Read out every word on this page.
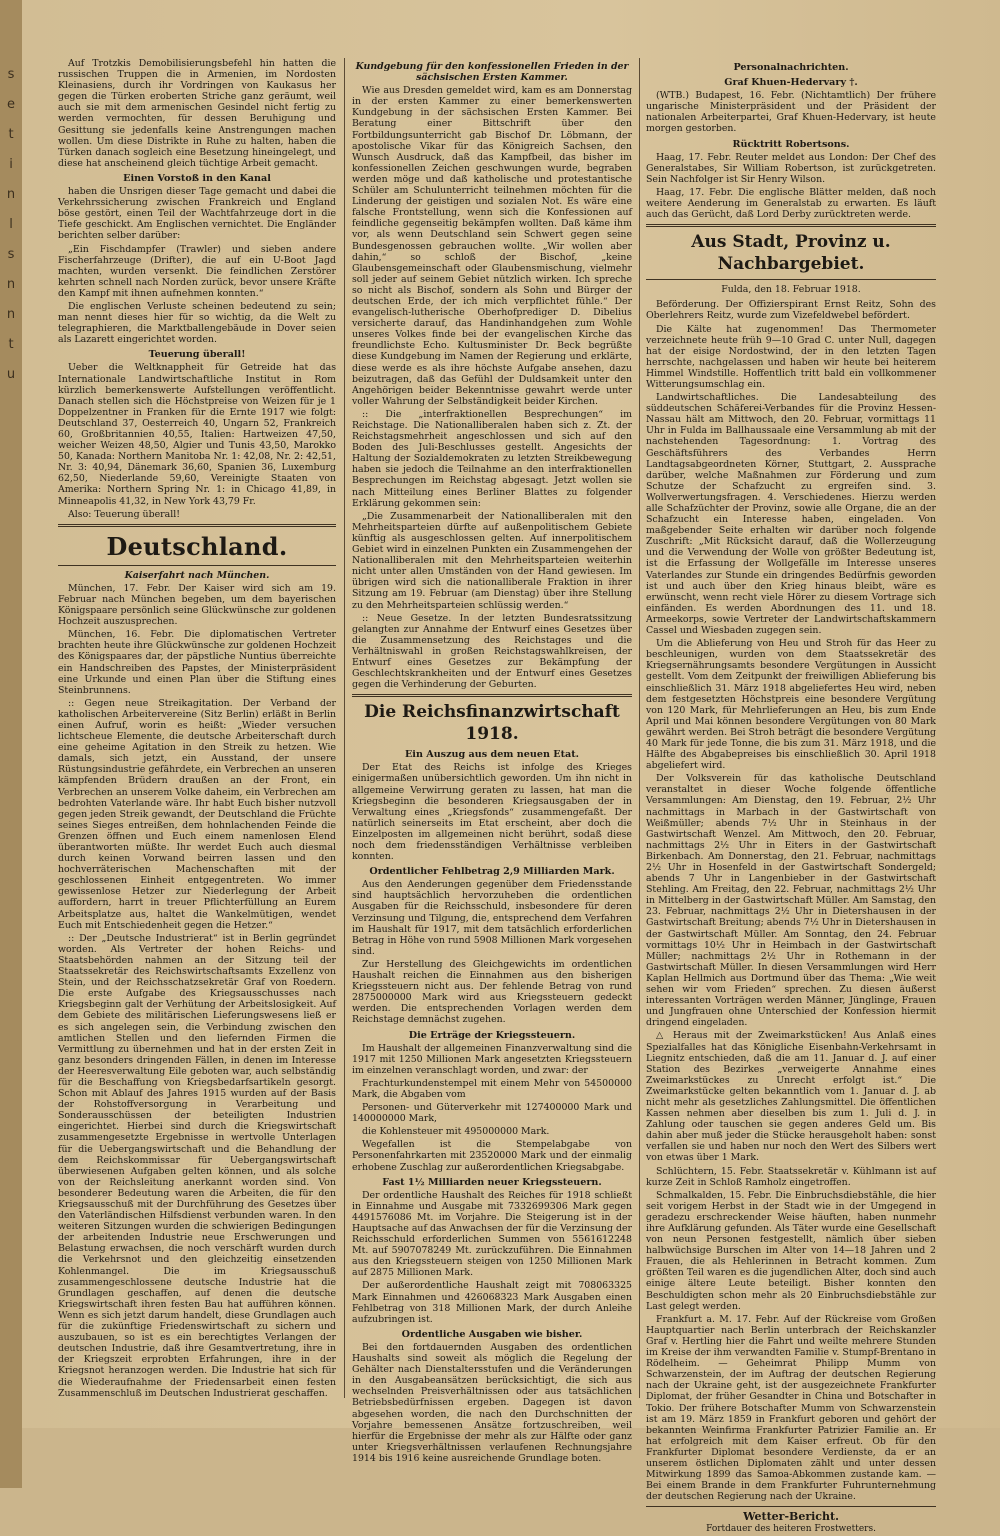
s
e
t
i
n
l
s
n
n
t
u

Auf Trotzkis Demobilisierungsbefehl hin hatten die russischen Truppen die in Armenien, im Nordosten Kleinasiens, durch ihr Vordringen von Kaukasus her gegen die Türken eroberten Striche ganz geräumt, weil auch sie mit dem armenischen Gesindel nicht fertig zu werden vermochten, für dessen Beruhigung und Gesittung sie jedenfalls keine Anstrengungen machen wollen. Um diese Distrikte in Ruhe zu halten, haben die Türken danach sogleich eine Besetzung hineingelegt, und diese hat anscheinend gleich tüchtige Arbeit gemacht.

Einen Vorstoß in den Kanal

haben die Unsrigen dieser Tage gemacht und dabei die Verkehrssicherung zwischen Frankreich und England böse gestört, einen Teil der Wachtfahrzeuge dort in die Tiefe geschickt. Am Englischen vernichtet. Die Engländer berichten selber darüber:

„Ein Fischdampfer (Trawler) und sieben andere Fischerfahrzeuge (Drifter), die auf ein U-Boot Jagd machten, wurden versenkt. Die feindlichen Zerstörer kehrten schnell nach Norden zurück, bevor unsere Kräfte den Kampf mit ihnen aufnehmen konnten.“

Die englischen Verluste scheinen bedeutend zu sein; man nennt dieses hier für so wichtig, da die Welt zu telegraphieren, die Marktballengebäude in Dover seien als Lazarett eingerichtet worden.

Teuerung überall!

Ueber die Weltknappheit für Getreide hat das Internationale Landwirtschaftliche Institut in Rom kürzlich bemerkenswerte Aufstellungen veröffentlicht. Danach stellen sich die Höchstpreise von Weizen für je 1 Doppelzentner in Franken für die Ernte 1917 wie folgt: Deutschland 37, Oesterreich 40, Ungarn 52, Frankreich 60, Großbritannien 40,55, Italien: Hartweizen 47,50, weicher Weizen 48,50, Algier und Tunis 43,50, Marokko 50, Kanada: Northern Manitoba Nr. 1: 42,08, Nr. 2: 42,51, Nr. 3: 40,94, Dänemark 36,60, Spanien 36, Luxemburg 62,50, Niederlande 59,60, Vereinigte Staaten von Amerika: Northern Spring Nr. 1: in Chicago 41,89, in Minneapolis 41,32, in New York 43,79 Fr.

Also: Teuerung überall!

Deutschland.
Kaiserfahrt nach München.

München, 17. Febr. Der Kaiser wird sich am 19. Februar nach München begeben, um dem bayerischen Königspaare persönlich seine Glückwünsche zur goldenen Hochzeit auszusprechen.

München, 16. Febr. Die diplomatischen Vertreter brachten heute ihre Glückwünsche zur goldenen Hochzeit des Königspaares dar, der päpstliche Nuntius überreichte ein Handschreiben des Papstes, der Ministerpräsident eine Urkunde und einen Plan über die Stiftung eines Steinbrunnens.

:: Gegen neue Streikagitation. Der Verband der katholischen Arbeitervereine (Sitz Berlin) erläßt in Berlin einen Aufruf, worin es heißt: „Wieder versuchen lichtscheue Elemente, die deutsche Arbeiterschaft durch eine geheime Agitation in den Streik zu hetzen. Wie damals, sich jetzt, ein Ausstand, der unsere Rüstungsindustrie gefährdete, ein Verbrechen an unseren kämpfenden Brüdern draußen an der Front, ein Verbrechen an unserem Volke daheim, ein Verbrechen am bedrohten Vaterlande wäre. Ihr habt Euch bisher nutzvoll gegen jeden Streik gewandt, der Deutschland die Früchte seines Sieges entreißen, dem hohnlachenden Feinde die Grenzen öffnen und Euch einem namenlosen Elend überantworten müßte. Ihr werdet Euch auch diesmal durch keinen Vorwand beirren lassen und den hochverräterischen Machenschaften mit der geschlossenen Einheit entgegentreten. Wo immer gewissenlose Hetzer zur Niederlegung der Arbeit auffordern, harrt in treuer Pflichterfüllung an Eurem Arbeitsplatze aus, haltet die Wankelmütigen, wendet Euch mit Entschiedenheit gegen die Hetzer.“

:: Der „Deutsche Industrierat“ ist in Berlin gegründet worden. Als Vertreter der hohen Reichs- und Staatsbehörden nahmen an der Sitzung teil der Staatssekretär des Reichswirtschaftsamts Exzellenz von Stein, und der Reichsschatzsekretär Graf von Roedern. Die erste Aufgabe des Kriegsausschusses nach Kriegsbeginn galt der Verhütung der Arbeitslosigkeit. Auf dem Gebiete des militärischen Lieferungswesens ließ er es sich angelegen sein, die Verbindung zwischen den amtlichen Stellen und den liefernden Firmen die Vermittlung zu übernehmen und hat in der ersten Zeit in ganz besonders dringenden Fällen, in denen im Interesse der Heeresverwaltung Eile geboten war, auch selbständig für die Beschaffung von Kriegsbedarfsartikeln gesorgt. Schon mit Ablauf des Jahres 1915 wurden auf der Basis der Rohstoffversorgung in Verarbeitung und Sonderausschüssen der beteiligten Industrien eingerichtet. Hierbei sind durch die Kriegswirtschaft zusammengesetzte Ergebnisse in wertvolle Unterlagen für die Uebergangswirtschaft und die Behandlung der dem Reichskommissar für Uebergangswirtschaft überwiesenen Aufgaben gelten können, und als solche von der Reichsleitung anerkannt worden sind. Von besonderer Bedeutung waren die Arbeiten, die für den Kriegsausschuß mit der Durchführung des Gesetzes über den Vaterländischen Hilfsdienst verbunden waren. In den weiteren Sitzungen wurden die schwierigen Bedingungen der arbeitenden Industrie neue Erschwerungen und Belastung erwachsen, die noch verschärft wurden durch die Verkehrsnot und den gleichzeitig einsetzenden Kohlenmangel. Die im Kriegsausschuß zusammengeschlossene deutsche Industrie hat die Grundlagen geschaffen, auf denen die deutsche Kriegswirtschaft ihren festen Bau hat aufführen können. Wenn es sich jetzt darum handelt, diese Grundlagen auch für die zukünftige Friedenswirtschaft zu sichern und auszubauen, so ist es ein berechtigtes Verlangen der deutschen Industrie, daß ihre Gesamtvertretung, ihre in der Kriegszeit erprobten Erfahrungen, ihre in der Kriegsnot heranzogen werden. Die Industrie hat sich für die Wiederaufnahme der Friedensarbeit einen festen Zusammenschluß im Deutschen Industrierat geschaffen.

Kundgebung für den konfessionellen Frieden in der sächsischen Ersten Kammer.

Wie aus Dresden gemeldet wird, kam es am Donnerstag in der ersten Kammer zu einer bemerkenswerten Kundgebung in der sächsischen Ersten Kammer. Bei Beratung einer Bittschrift über den Fortbildungsunterricht gab Bischof Dr. Löbmann, der apostolische Vikar für das Königreich Sachsen, den Wunsch Ausdruck, daß das Kampfbeil, das bisher im konfessionellen Zeichen geschwungen wurde, begraben werden möge und daß katholische und protestantische Schüler am Schulunterricht teilnehmen möchten für die Linderung der geistigen und sozialen Not. Es wäre eine falsche Frontstellung, wenn sich die Konfessionen auf feindliche gegenseitig bekämpfen wollten. Daß käme ihm vor, als wenn Deutschland sein Schwert gegen seine Bundesgenossen gebrauchen wollte. „Wir wollen aber dahin,“ so schloß der Bischof, „keine Glaubensgemeinschaft oder Glaubensmischung, vielmehr soll jeder auf seinem Gebiet nützlich wirken. Ich spreche so nicht als Bischof, sondern als Sohn und Bürger der deutschen Erde, der ich mich verpflichtet fühle.“ Der evangelisch-lutherische Oberhofprediger D. Dibelius versicherte darauf, das Handinhandgehen zum Wohle unseres Volkes finde bei der evangelischen Kirche das freundlichste Echo. Kultusminister Dr. Beck begrüßte diese Kundgebung im Namen der Regierung und erklärte, diese werde es als ihre höchste Aufgabe ansehen, dazu beizutragen, daß das Gefühl der Duldsamkeit unter den Angehörigen beider Bekenntnisse gewahrt werde unter voller Wahrung der Selbständigkeit beider Kirchen.

:: Die „interfraktionellen Besprechungen“ im Reichstage. Die Nationalliberalen haben sich z. Zt. der Reichstagsmehrheit angeschlossen und sich auf den Boden des Juli-Beschlusses gestellt. Angesichts der Haltung der Sozialdemokraten zu letzten Streikbewegung haben sie jedoch die Teilnahme an den interfraktionellen Besprechungen im Reichstag abgesagt. Jetzt wollen sie nach Mitteilung eines Berliner Blattes zu folgender Erklärung gekommen sein:

„Die Zusammenarbeit der Nationalliberalen mit den Mehrheitsparteien dürfte auf außenpolitischem Gebiete künftig als ausgeschlossen gelten. Auf innerpolitischem Gebiet wird in einzelnen Punkten ein Zusammengehen der Nationalliberalen mit den Mehrheitsparteien weiterhin nicht unter allen Umständen von der Hand gewiesen. Im übrigen wird sich die nationalliberale Fraktion in ihrer Sitzung am 19. Februar (am Dienstag) über ihre Stellung zu den Mehrheitsparteien schlüssig werden.“

:: Neue Gesetze. In der letzten Bundesratssitzung gelangten zur Annahme der Entwurf eines Gesetzes über die Zusammensetzung des Reichstages und die Verhältniswahl in großen Reichstagswahlkreisen, der Entwurf eines Gesetzes zur Bekämpfung der Geschlechtskrankheiten und der Entwurf eines Gesetzes gegen die Verhinderung der Geburten.

Die Reichsfinanzwirtschaft 1918.
Ein Auszug aus dem neuen Etat.

Der Etat des Reichs ist infolge des Krieges einigermaßen unübersichtlich geworden. Um ihn nicht in allgemeine Verwirrung geraten zu lassen, hat man die Kriegsbeginn die besonderen Kriegsausgaben der in Verwaltung eines „Kriegsfonds“ zusammengefaßt. Der natürlich seinerseits im Etat erscheint, aber doch die Einzelposten im allgemeinen nicht berührt, sodaß diese noch dem friedensständigen Verhältnisse verbleiben konnten.

Ordentlicher Fehlbetrag 2,9 Milliarden Mark.

Aus den Aenderungen gegenüber dem Friedensstande sind hauptsächlich hervorzuheben die ordentlichen Ausgaben für die Reichsschuld, insbesondere für deren Verzinsung und Tilgung, die, entsprechend dem Verfahren im Haushalt für 1917, mit dem tatsächlich erforderlichen Betrag in Höhe von rund 5908 Millionen Mark vorgesehen sind.

Zur Herstellung des Gleichgewichts im ordentlichen Haushalt reichen die Einnahmen aus den bisherigen Kriegssteuern nicht aus. Der fehlende Betrag von rund 2875000000 Mark wird aus Kriegssteuern gedeckt werden. Die entsprechenden Vorlagen werden dem Reichstage demnächst zugehen.

Die Erträge der Kriegssteuern.

Im Haushalt der allgemeinen Finanzverwaltung sind die 1917 mit 1250 Millionen Mark angesetzten Kriegssteuern im einzelnen veranschlagt worden, und zwar: der

Frachturkundenstempel mit einem Mehr von 54500000 Mark, die Abgaben vom

Personen- und Güterverkehr mit 127400000 Mark und 140000000 Mark,

die Kohlensteuer mit 495000000 Mark.

Wegefallen ist die Stempelabgabe von Personenfahrkarten mit 23520000 Mark und der einmalig erhobene Zuschlag zur außerordentlichen Kriegsabgabe.

Fast 1½ Milliarden neuer Kriegssteuern.

Der ordentliche Haushalt des Reiches für 1918 schließt in Einnahme und Ausgabe mit 7332699306 Mark gegen 4491576086 Mt. im Vorjahre. Die Steigerung ist in der Hauptsache auf das Anwachsen der für die Verzinsung der Reichsschuld erforderlichen Summen von 5561612248 Mt. auf 5907078249 Mt. zurückzuführen. Die Einnahmen aus den Kriegssteuern steigen von 1250 Millionen Mark auf 2875 Millionen Mark.

Der außerordentliche Haushalt zeigt mit 708063325 Mark Einnahmen und 426068323 Mark Ausgaben einen Fehlbetrag von 318 Millionen Mark, der durch Anleihe aufzubringen ist.

Ordentliche Ausgaben wie bisher.

Bei den fortdauernden Ausgaben des ordentlichen Haushalts sind soweit als möglich die Regelung der Gehälter nach Dienstaltersstufen und die Veränderungen in den Ausgabeansätzen berücksichtigt, die sich aus wechselnden Preisverhältnissen oder aus tatsächlichen Betriebsbedürfnissen ergeben. Dagegen ist davon abgesehen worden, die nach den Durchschnitten der Vorjahre bemessenen Ansätze fortzuschreiben, weil hierfür die Ergebnisse der mehr als zur Hälfte oder ganz unter Kriegsverhältnissen verlaufenen Rechnungsjahre 1914 bis 1916 keine ausreichende Grundlage boten.

Personalnachrichten.
Graf Khuen-Hedervary †.

(WTB.) Budapest, 16. Febr. (Nichtamtlich) Der frühere ungarische Ministerpräsident und der Präsident der nationalen Arbeiterpartei, Graf Khuen-Hedervary, ist heute morgen gestorben.

Rücktritt Robertsons.

Haag, 17. Febr. Reuter meldet aus London: Der Chef des Generalstabes, Sir William Robertson, ist zurückgetreten. Sein Nachfolger ist Sir Henry Wilson.

Haag, 17. Febr. Die englische Blätter melden, daß noch weitere Aenderung im Generalstab zu erwarten. Es läuft auch das Gerücht, daß Lord Derby zurücktreten werde.

Aus Stadt, Provinz u. Nachbargebiet.
Fulda, den 18. Februar 1918.

Beförderung. Der Offizierspirant Ernst Reitz, Sohn des Oberlehrers Reitz, wurde zum Vizefeldwebel befördert.

Die Kälte hat zugenommen! Das Thermometer verzeichnete heute früh 9—10 Grad C. unter Null, dagegen hat der eisige Nordostwind, der in den letzten Tagen herrschte, nachgelassen und haben wir heute bei heiterem Himmel Windstille. Hoffentlich tritt bald ein vollkommener Witterungsumschlag ein.

Landwirtschaftliches. Die Landesabteilung des süddeutschen Schäferei-Verbandes für die Provinz Hessen-Nassau hält am Mittwoch, den 20. Februar, vormittags 11 Uhr in Fulda im Ballhaussaale eine Versammlung ab mit der nachstehenden Tagesordnung: 1. Vortrag des Geschäftsführers des Verbandes Herrn Landtagsabgeordneten Körner, Stuttgart, 2. Aussprache darüber, welche Maßnahmen zur Förderung und zum Schutze der Schafzucht zu ergreifen sind. 3. Wollverwertungsfragen. 4. Verschiedenes. Hierzu werden alle Schafzüchter der Provinz, sowie alle Organe, die an der Schafzucht ein Interesse haben, eingeladen. Von maßgebender Seite erhalten wir darüber noch folgende Zuschrift: „Mit Rücksicht darauf, daß die Wollerzeugung und die Verwendung der Wolle von größter Bedeutung ist, ist die Erfassung der Wollgefälle im Interesse unseres Vaterlandes zur Stunde ein dringendes Bedürfnis geworden ist und auch über den Krieg hinaus bleibt, wäre es erwünscht, wenn recht viele Hörer zu diesem Vortrage sich einfänden. Es werden Abordnungen des 11. und 18. Armeekorps, sowie Vertreter der Landwirtschaftskammern Cassel und Wiesbaden zugegen sein.

Um die Ablieferung von Heu und Stroh für das Heer zu beschleunigen, wurden von dem Staatssekretär des Kriegsernährungsamts besondere Vergütungen in Aussicht gestellt. Vom dem Zeitpunkt der freiwilligen Ablieferung bis einschließlich 31. März 1918 abgeliefertes Heu wird, neben dem festgesetzten Höchstpreis eine besondere Vergütung von 120 Mark, für Mehrlieferungen an Heu, bis zum Ende April und Mai können besondere Vergütungen von 80 Mark gewährt werden. Bei Stroh beträgt die besondere Vergütung 40 Mark für jede Tonne, die bis zum 31. März 1918, und die Hälfte des Abgabepreises bis einschließlich 30. April 1918 abgeliefert wird.

Der Volksverein für das katholische Deutschland veranstaltet in dieser Woche folgende öffentliche Versammlungen: Am Dienstag, den 19. Februar, 2½ Uhr nachmittags in Marbach in der Gastwirtschaft von Weißmüller; abends 7½ Uhr in Steinhaus in der Gastwirtschaft Wenzel. Am Mittwoch, den 20. Februar, nachmittags 2½ Uhr in Eiters in der Gastwirtschaft Birkenbach. Am Donnerstag, den 21. Februar, nachmittags 2½ Uhr in Hosenfeld in der Gastwirtschaft Sondergeld; abends 7 Uhr in Langenbieber in der Gastwirtschaft Stehling. Am Freitag, den 22. Februar, nachmittags 2½ Uhr in Mittelberg in der Gastwirtschaft Müller. Am Samstag, den 23. Februar, nachmittags 2½ Uhr in Dietershausen in der Gastwirtschaft Breitung; abends 7½ Uhr in Dietershausen in der Gastwirtschaft Müller. Am Sonntag, den 24. Februar vormittags 10½ Uhr in Heimbach in der Gastwirtschaft Müller; nachmittags 2½ Uhr in Rothemann in der Gastwirtschaft Müller. In diesen Versammlungen wird Herr Kaplan Hellmich aus Dortmund über das Thema: „Wie weit sehen wir vom Frieden“ sprechen. Zu diesen äußerst interessanten Vorträgen werden Männer, Jünglinge, Frauen und Jungfrauen ohne Unterschied der Konfession hiermit dringend eingeladen.

△ Heraus mit der Zweimarkstücken! Aus Anlaß eines Spezialfalles hat das Königliche Eisenbahn-Verkehrsamt in Liegnitz entschieden, daß die am 11. Januar d. J. auf einer Station des Bezirkes „verweigerte Annahme eines Zweimarkstückes zu Unrecht erfolgt ist.“ Die Zweimarkstücke gelten bekanntlich vom 1. Januar d. J. ab nicht mehr als gesetzliches Zahlungsmittel. Die öffentlichen Kassen nehmen aber dieselben bis zum 1. Juli d. J. in Zahlung oder tauschen sie gegen anderes Geld um. Bis dahin aber muß jeder die Stücke herausgeholt haben: sonst verfallen sie und haben nur noch den Wert des Silbers wert von etwas über 1 Mark.

Schlüchtern, 15. Febr. Staatssekretär v. Kühlmann ist auf kurze Zeit in Schloß Ramholz eingetroffen.

Schmalkalden, 15. Febr. Die Einbruchsdiebstähle, die hier seit vorigem Herbst in der Stadt wie in der Umgegend in geradezu erschreckender Weise häuften, haben nunmehr ihre Aufklärung gefunden. Als Täter wurde eine Gesellschaft von neun Personen festgestellt, nämlich über sieben halbwüchsige Burschen im Alter von 14—18 Jahren und 2 Frauen, die als Hehlerinnen in Betracht kommen. Zum größten Teil waren es die jugendlichen Alter, doch sind auch einige ältere Leute beteiligt. Bisher konnten den Beschuldigten schon mehr als 20 Einbruchsdiebstähle zur Last gelegt werden.

Frankfurt a. M. 17. Febr. Auf der Rückreise vom Großen Hauptquartier nach Berlin unterbrach der Reichskanzler Graf v. Hertling hier die Fahrt und weilte mehrere Stunden im Kreise der ihm verwandten Familie v. Stumpf-Brentano in Rödelheim. — Geheimrat Philipp Mumm von Schwarzenstein, der im Auftrag der deutschen Regierung nach der Ukraine geht, ist der ausgezeichnete Frankfurter Diplomat, der früher Gesandter in China und Botschafter in Tokio. Der frühere Botschafter Mumm von Schwarzenstein ist am 19. März 1859 in Frankfurt geboren und gehört der bekannten Weinfirma Frankfurter Patrizier Familie an. Er hat erfolgreich mit dem Kaiser erfreut. Ob für den Frankfurter Diplomat besondere Verdienste, da er an unserem östlichen Diplomaten zählt und unter dessen Mitwirkung 1899 das Samoa-Abkommen zustande kam. — Bei einem Brande in dem Frankfurter Fuhrunternehmung der deutschen Regierung nach der Ukraine.

Wetter-Bericht.
Fortdauer des heiteren Frostwetters.
